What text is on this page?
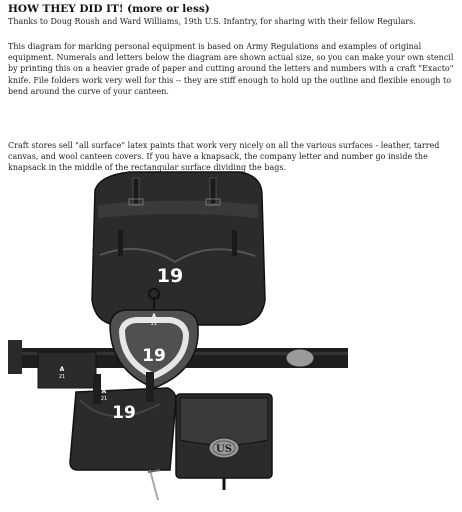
HOW THEY DID IT! (more or less)
Thanks to Doug Roush and Ward Williams, 19th U.S. Infantry, for sharing with their fellow Regulars.

This diagram for marking personal equipment is based on Army Regulations and examples of original equipment. Numerals and letters below the diagram are shown actual size, so you can make your own stencil by printing this on a heavier grade of paper and cutting around the letters and numbers with a craft "Exacto" knife. File folders work very well for this -- they are stiff enough to hold up the outline and flexible enough to bend around the curve of your canteen.

Craft stores sell "all surface" latex paints that work very nicely on all the various surfaces - leather, tarred canvas, and wool canteen covers. If you have a knapsack, the company letter and number go inside the knapsack in the middle of the rectangular surface dividing the bags.

19
A
21	A
21
A
21
19
A
21
19
US
